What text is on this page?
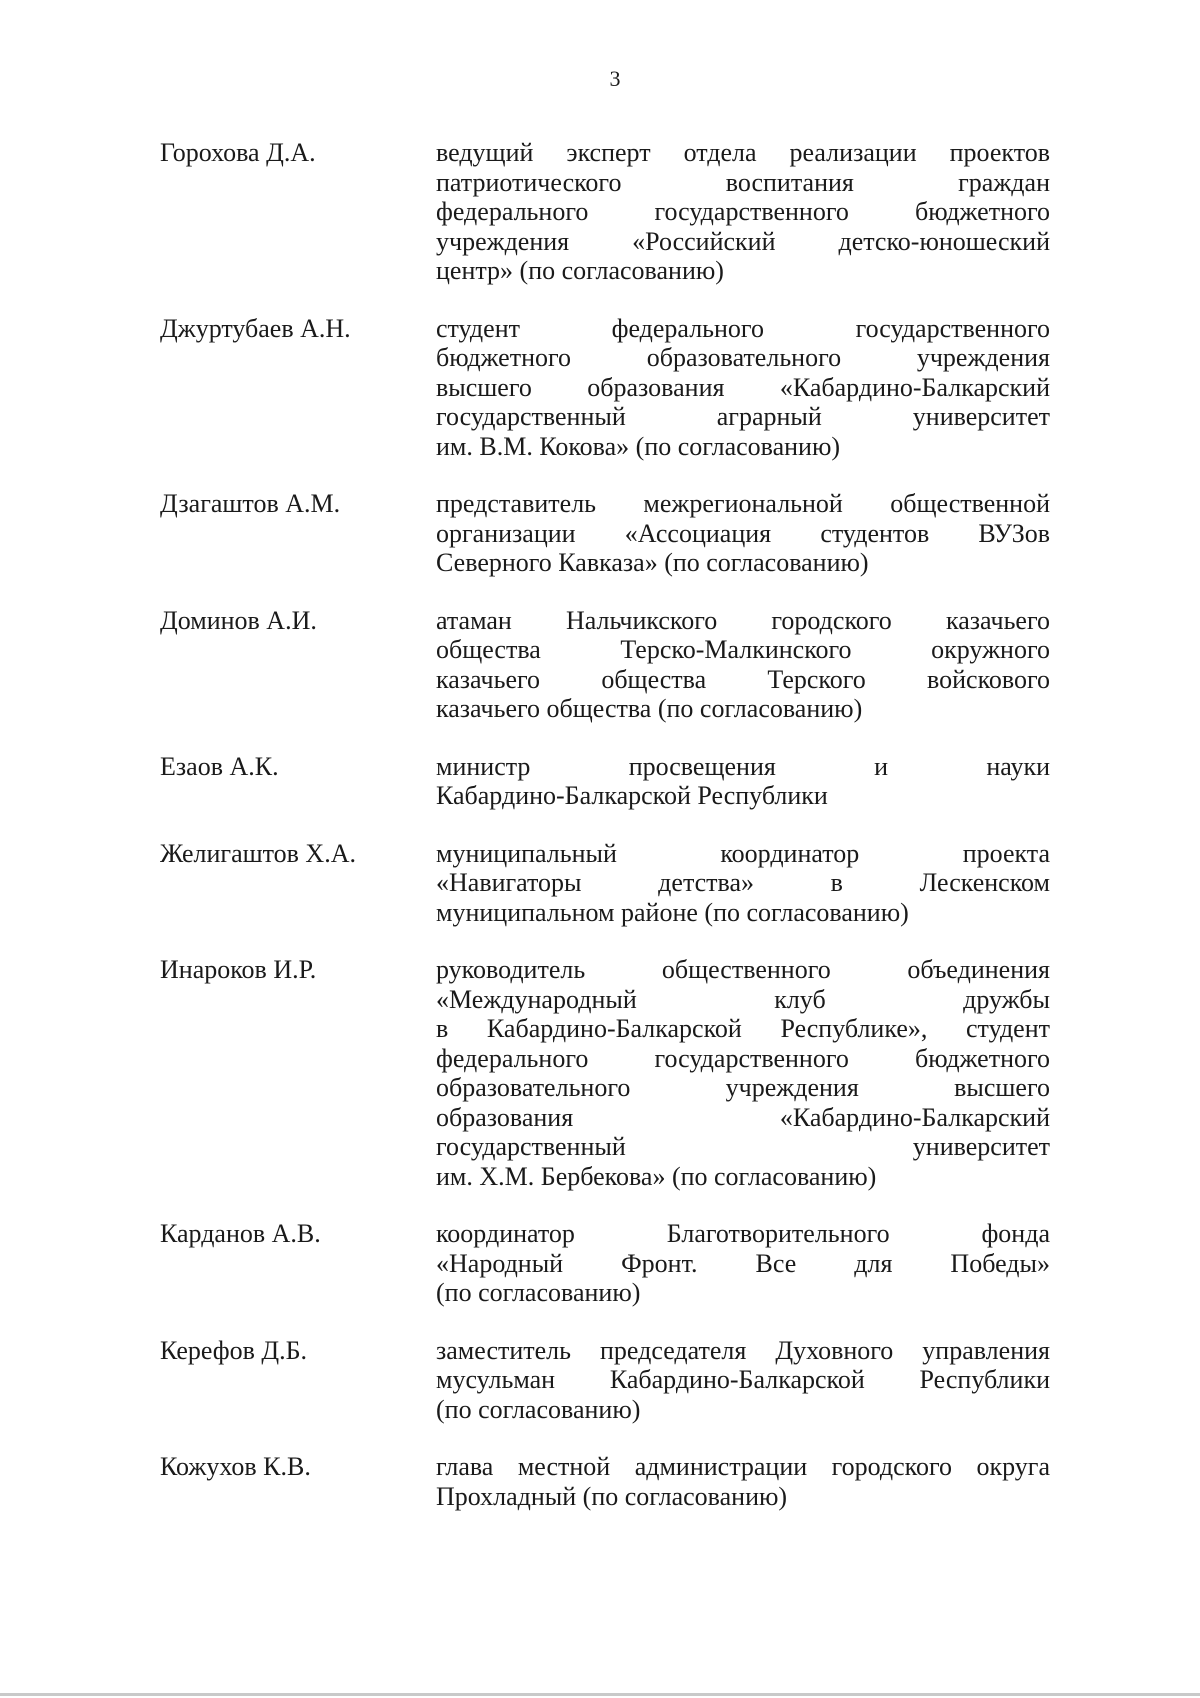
3
Горохова Д.А.	ведущий эксперт отдела реализации проектов
патриотического воспитания граждан
федерального государственного бюджетного
учреждения «Российский детско-юношеский
центр» (по согласованию)
Джуртубаев А.Н.	студент федерального государственного
бюджетного образовательного учреждения
высшего образования «Кабардино-Балкарский
государственный аграрный университет
им. В.М. Кокова» (по согласованию)
Дзагаштов А.М.	представитель межрегиональной общественной
организации «Ассоциация студентов ВУЗов
Северного Кавказа» (по согласованию)
Доминов А.И.	атаман Нальчикского городского казачьего
общества Терско-Малкинского окружного
казачьего общества Терского войскового
казачьего общества (по согласованию)
Езаов А.К.	министр просвещения и науки
Кабардино-Балкарской Республики
Желигаштов Х.А.	муниципальный координатор проекта
«Навигаторы детства» в Лескенском
муниципальном районе (по согласованию)
Инароков И.Р.	руководитель общественного объединения
«Международный клуб дружбы
в Кабардино-Балкарской Республике», студент
федерального государственного бюджетного
образовательного учреждения высшего
образования «Кабардино-Балкарский
государственный университет
им. Х.М. Бербекова» (по согласованию)
Карданов А.В.	координатор Благотворительного фонда
«Народный Фронт. Все для Победы»
(по согласованию)
Керефов Д.Б.	заместитель председателя Духовного управления
мусульман Кабардино-Балкарской Республики
(по согласованию)
Кожухов К.В.	глава местной администрации городского округа
Прохладный (по согласованию)
